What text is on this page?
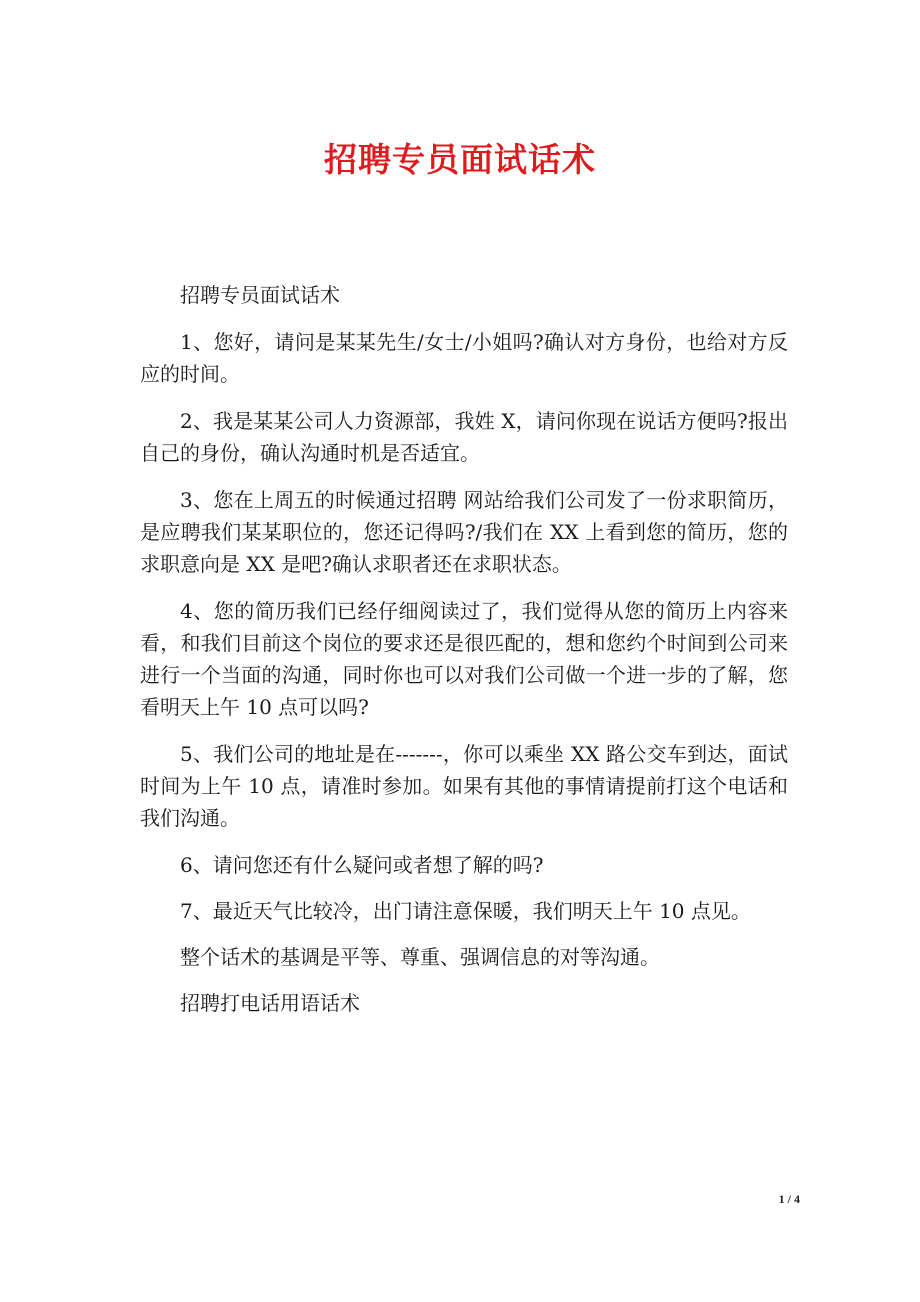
招聘专员面试话术

招聘专员面试话术

1、您好，请问是某某先生/女士/小姐吗?确认对方身份，也给对方反应的时间。

2、我是某某公司人力资源部，我姓 X，请问你现在说话方便吗?报出自己的身份，确认沟通时机是否适宜。

3、您在上周五的时候通过招聘 网站给我们公司发了一份求职简历，是应聘我们某某职位的，您还记得吗?/我们在 XX 上看到您的简历，您的求职意向是 XX 是吧?确认求职者还在求职状态。

4、您的简历我们已经仔细阅读过了，我们觉得从您的简历上内容来看，和我们目前这个岗位的要求还是很匹配的，想和您约个时间到公司来进行一个当面的沟通，同时你也可以对我们公司做一个进一步的了解，您看明天上午 10 点可以吗?

5、我们公司的地址是在-------，你可以乘坐 XX 路公交车到达，面试时间为上午 10 点，请准时参加。如果有其他的事情请提前打这个电话和我们沟通。

6、请问您还有什么疑问或者想了解的吗?

7、最近天气比较冷，出门请注意保暖，我们明天上午 10 点见。

整个话术的基调是平等、尊重、强调信息的对等沟通。

招聘打电话用语话术

1 / 4
